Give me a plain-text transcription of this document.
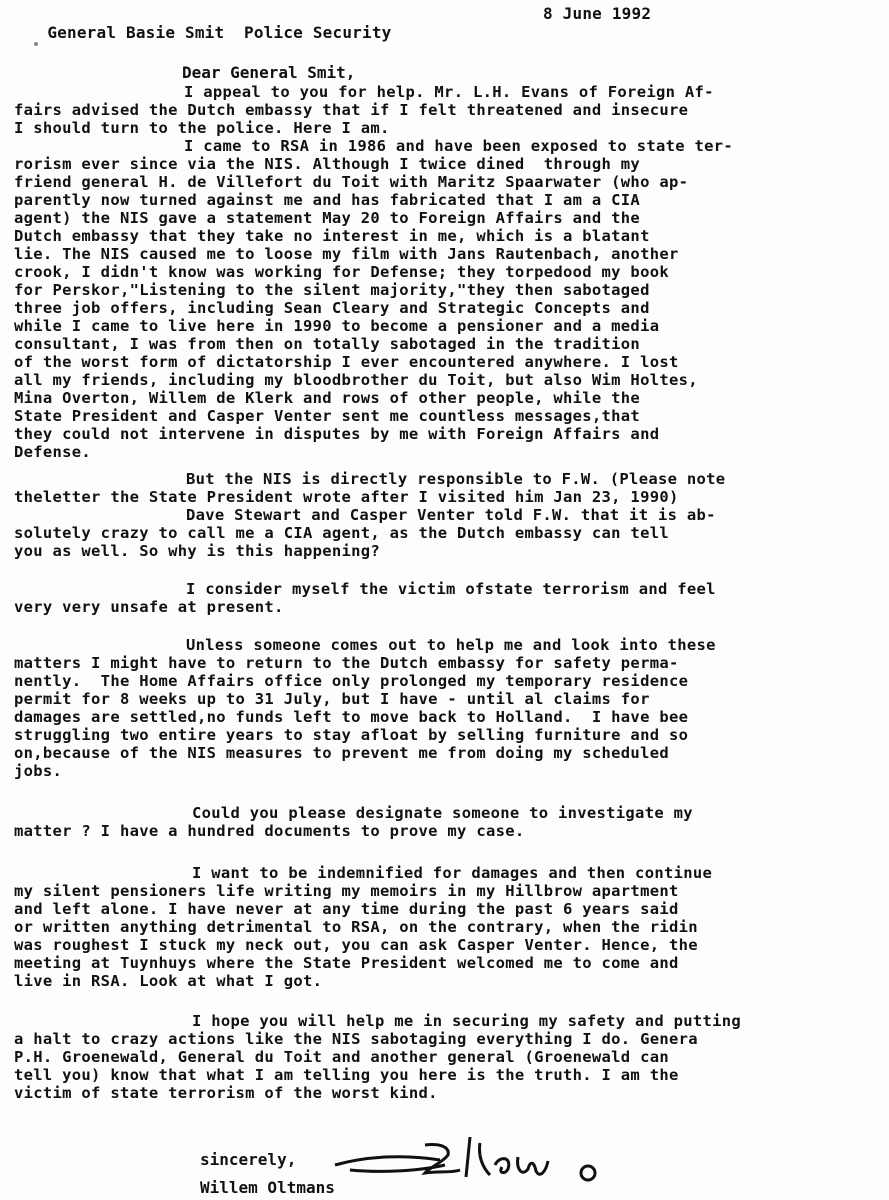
General Basie Smit  Police Security

8 June 1992

Dear General Smit,
I appeal to you for help. Mr. L.H. Evans of Foreign Af-
fairs advised the Dutch embassy that if I felt threatened and insecure
I should turn to the police. Here I am.
I came to RSA in 1986 and have been exposed to state ter-
rorism ever since via the NIS. Although I twice dined  through my
friend general H. de Villefort du Toit with Maritz Spaarwater (who ap-
parently now turned against me and has fabricated that I am a CIA
agent) the NIS gave a statement May 20 to Foreign Affairs and the
Dutch embassy that they take no interest in me, which is a blatant
lie. The NIS caused me to loose my film with Jans Rautenbach, another
crook, I didn't know was working for Defense; they torpedood my book
for Perskor,"Listening to the silent majority,"they then sabotaged
three job offers, including Sean Cleary and Strategic Concepts and
while I came to live here in 1990 to become a pensioner and a media
consultant, I was from then on totally sabotaged in the tradition
of the worst form of dictatorship I ever encountered anywhere. I lost
all my friends, including my bloodbrother du Toit, but also Wim Holtes,
Mina Overton, Willem de Klerk and rows of other people, while the
State President and Casper Venter sent me countless messages,that
they could not intervene in disputes by me with Foreign Affairs and
Defense.
But the NIS is directly responsible to F.W. (Please note
theletter the State President wrote after I visited him Jan 23, 1990)
Dave Stewart and Casper Venter told F.W. that it is ab-
solutely crazy to call me a CIA agent, as the Dutch embassy can tell
you as well. So why is this happening?
I consider myself the victim ofstate terrorism and feel
very very unsafe at present.
Unless someone comes out to help me and look into these
matters I might have to return to the Dutch embassy for safety perma-
nently.  The Home Affairs office only prolonged my temporary residence
permit for 8 weeks up to 31 July, but I have - until al claims for
damages are settled,no funds left to move back to Holland.  I have bee
struggling two entire years to stay afloat by selling furniture and so
on,because of the NIS measures to prevent me from doing my scheduled
jobs.
Could you please designate someone to investigate my
matter ? I have a hundred documents to prove my case.
I want to be indemnified for damages and then continue
my silent pensioners life writing my memoirs in my Hillbrow apartment
and left alone. I have never at any time during the past 6 years said
or written anything detrimental to RSA, on the contrary, when the ridin
was roughest I stuck my neck out, you can ask Casper Venter. Hence, the
meeting at Tuynhuys where the State President welcomed me to come and
live in RSA. Look at what I got.
I hope you will help me in securing my safety and putting
a halt to crazy actions like the NIS sabotaging everything I do. Genera
P.H. Groenewald, General du Toit and another general (Groenewald can
tell you) know that what I am telling you here is the truth. I am the
victim of state terrorism of the worst kind.
sincerely,
Willem Oltmans
